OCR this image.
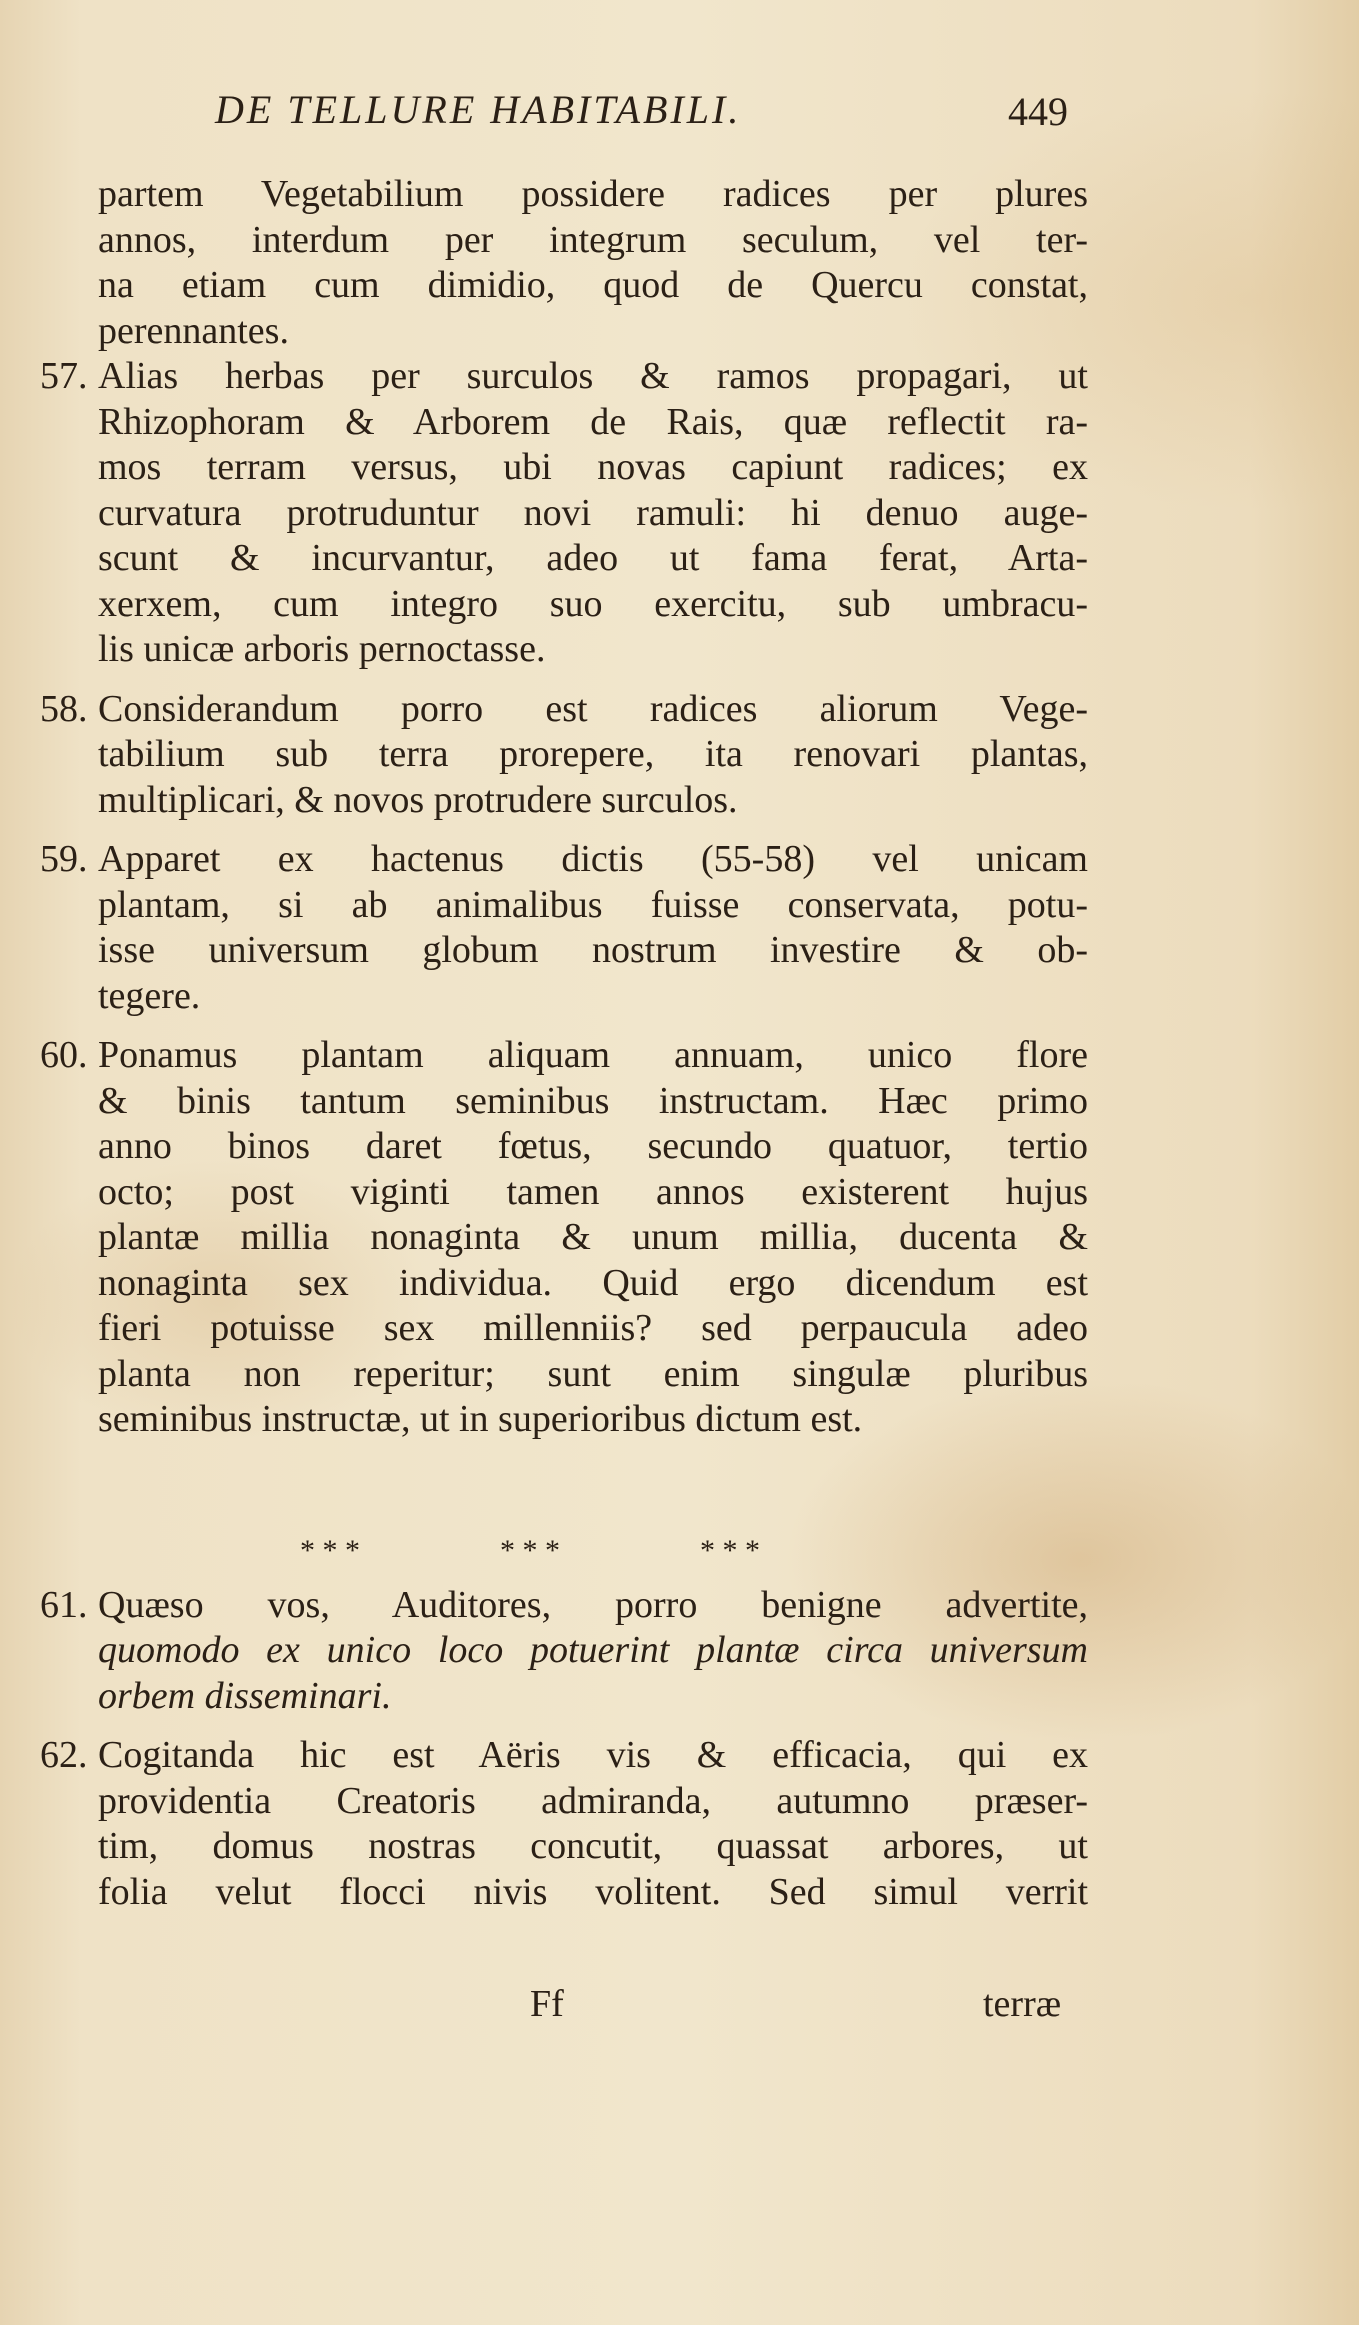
DE TELLURE HABITABILI.	449
partem Vegetabilium possidere radices per plures
annos, interdum per integrum seculum, vel ter-
na etiam cum dimidio, quod de Quercu constat,
perennantes.
57. Alias herbas per surculos & ramos propagari, ut
Rhizophoram & Arborem de Rais, quæ reflectit ra-
mos terram versus, ubi novas capiunt radices; ex
curvatura protruduntur novi ramuli: hi denuo auge-
scunt & incurvantur, adeo ut fama ferat, Arta-
xerxem, cum integro suo exercitu, sub umbracu-
lis unicæ arboris pernoctasse.
58. Considerandum porro est radices aliorum Vege-
tabilium sub terra prorepere, ita renovari plantas,
multiplicari, & novos protrudere surculos.
59. Apparet ex hactenus dictis (55-58) vel unicam
plantam, si ab animalibus fuisse conservata, potu-
isse universum globum nostrum investire & ob-
tegere.
60. Ponamus plantam aliquam annuam, unico flore
& binis tantum seminibus instructam. Hæc primo
anno binos daret fœtus, secundo quatuor, tertio
octo; post viginti tamen annos existerent hujus
plantæ millia nonaginta & unum millia, ducenta &
nonaginta sex individua. Quid ergo dicendum est
fieri potuisse sex millenniis? sed perpaucula adeo
planta non reperitur; sunt enim singulæ pluribus
seminibus instructæ, ut in superioribus dictum est.
61. Quæso vos, Auditores, porro benigne advertite,
quomodo ex unico loco potuerint plantæ circa universum
orbem disseminari.
62. Cogitanda hic est Aëris vis & efficacia, qui ex
providentia Creatoris admiranda, autumno præser-
tim, domus nostras concutit, quassat arbores, ut
folia velut flocci nivis volitent. Sed simul verrit
* * *	* * *	* * *
Ff	terræ
